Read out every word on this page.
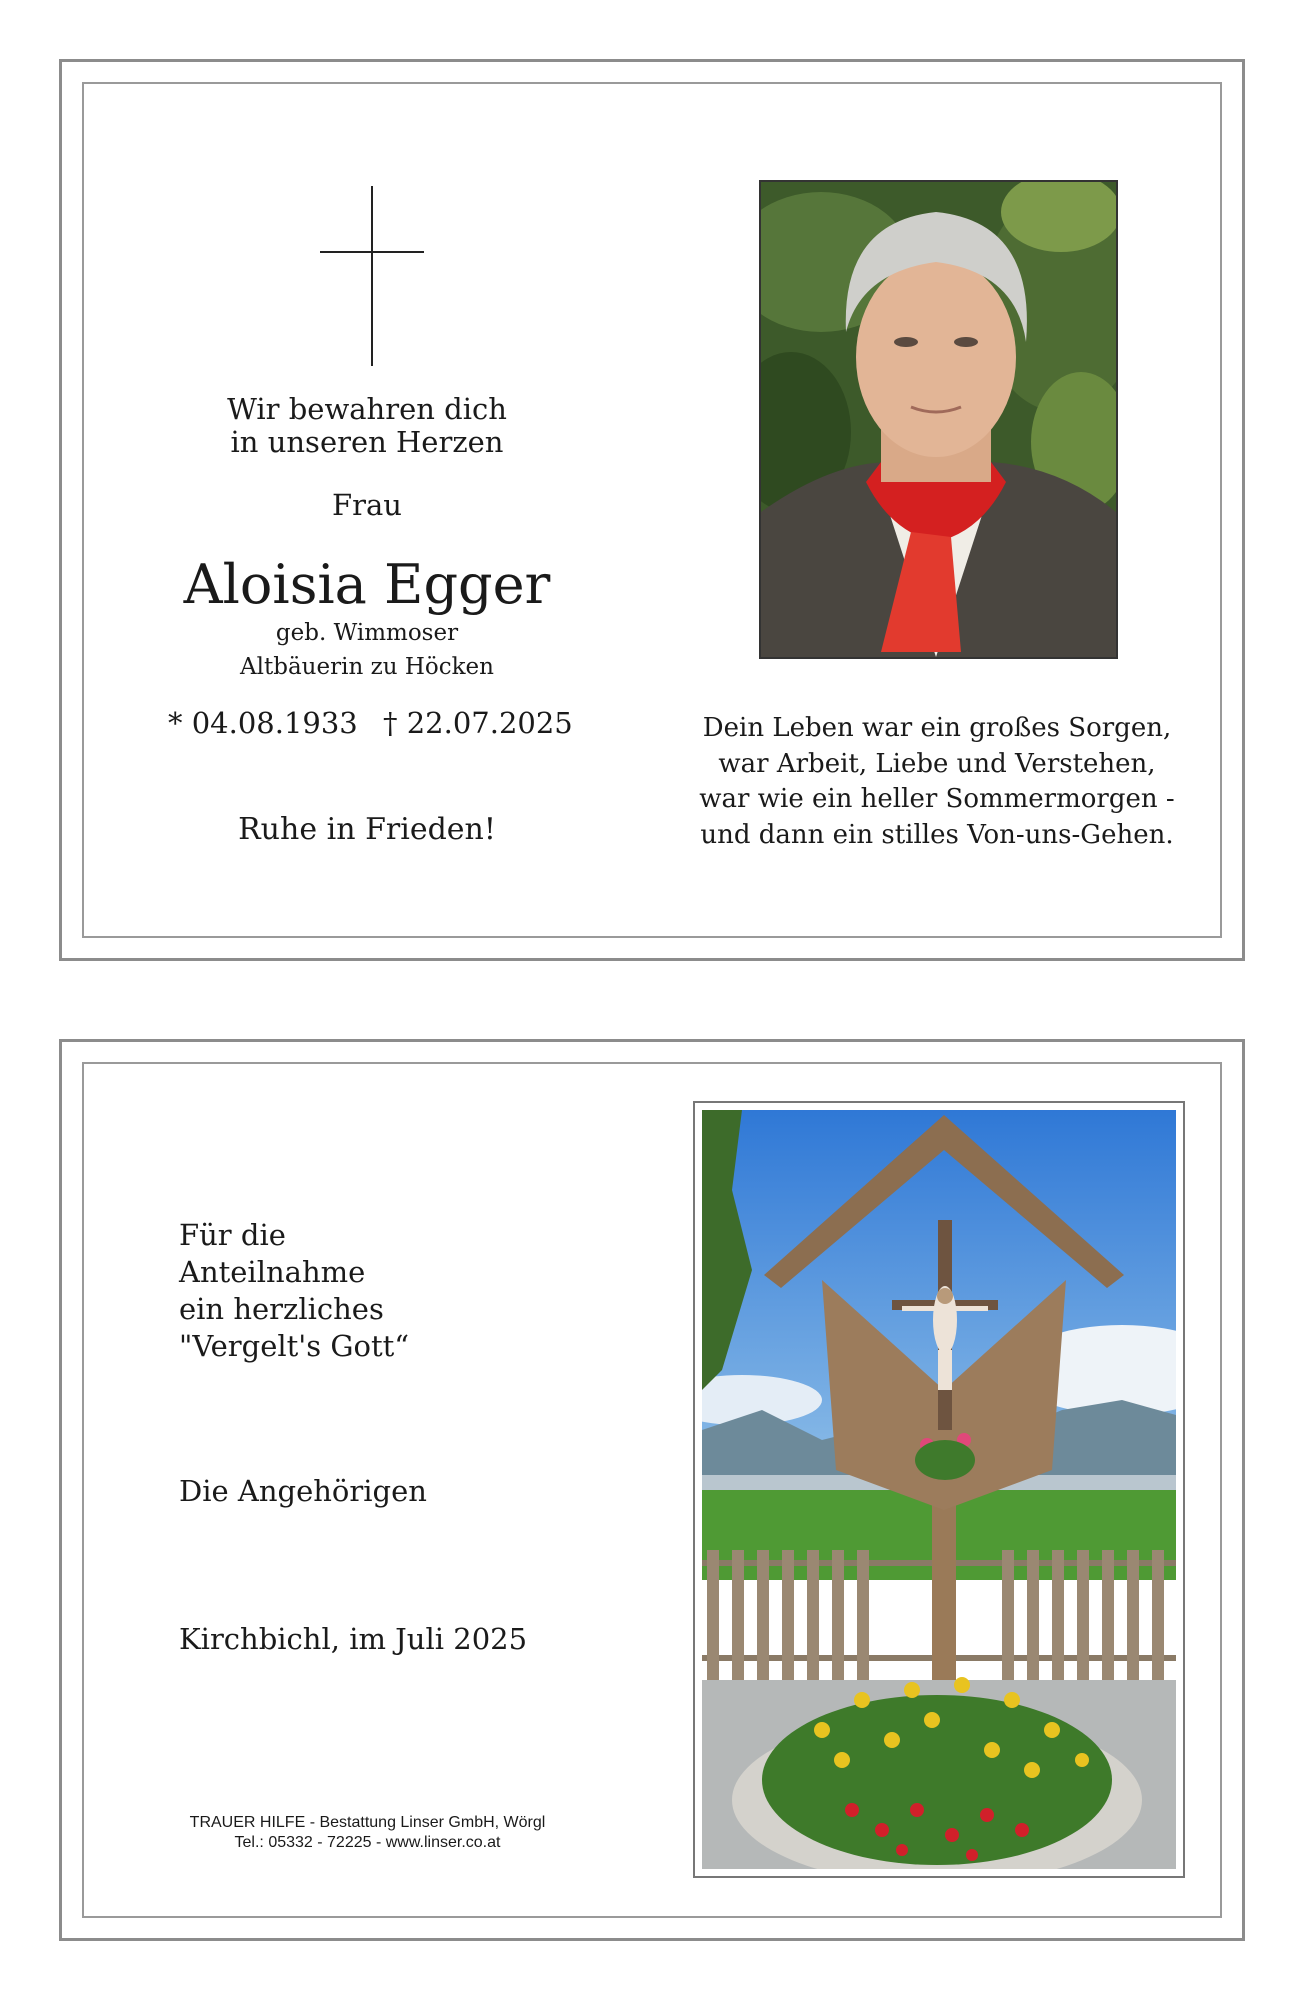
Wir bewahren dich
in unseren Herzen
Frau
Aloisia Egger
geb. Wimmoser
Altbäuerin zu Höcken
* 04.08.1933 † 22.07.2025
Ruhe in Frieden!
Dein Leben war ein großes Sorgen,
war Arbeit, Liebe und Verstehen,
war wie ein heller Sommermorgen -
und dann ein stilles Von-uns-Gehen.
Für die
Anteilnahme
ein herzliches
"Vergelt's Gott“
Die Angehörigen
Kirchbichl, im Juli 2025
TRAUER HILFE - Bestattung Linser GmbH, Wörgl
Tel.: 05332 - 72225 - www.linser.co.at
